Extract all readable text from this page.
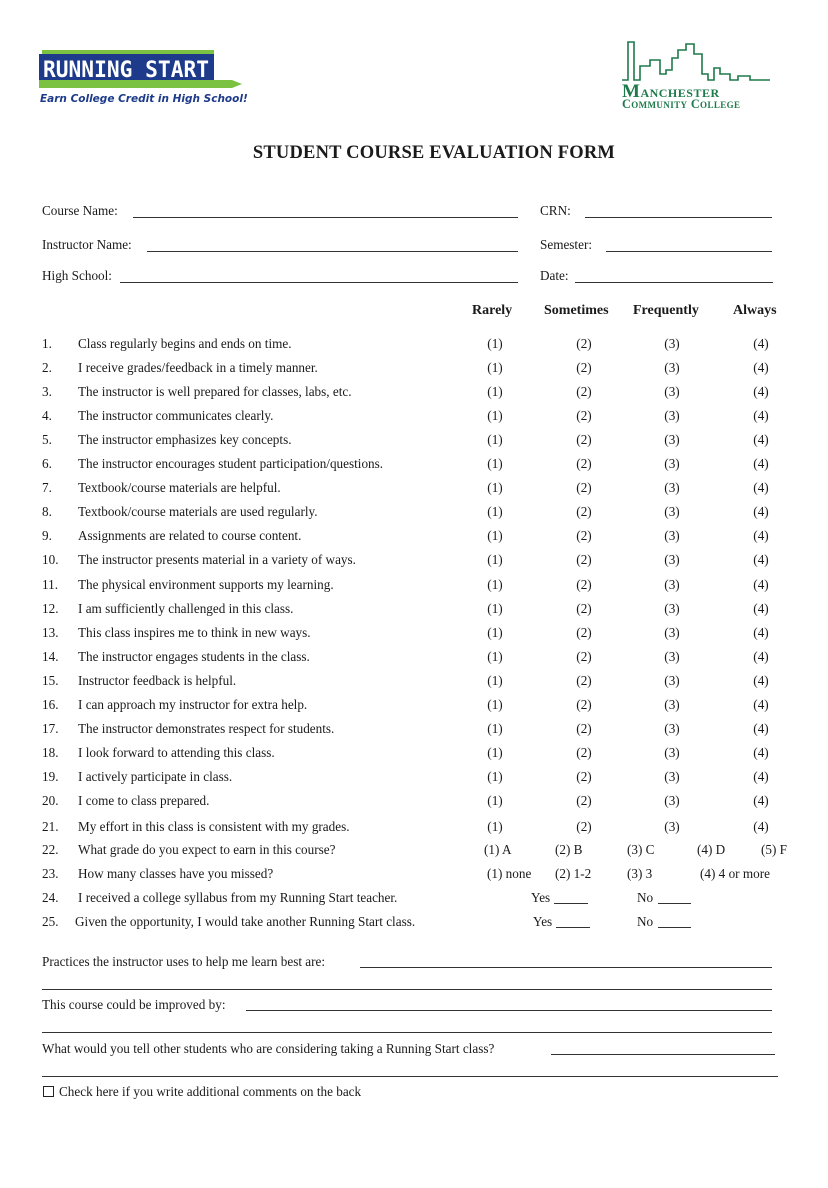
RUNNING START
Earn College Credit in High School!	Manchester
Community College
STUDENT COURSE EVALUATION FORM
Course Name:	CRN:
Instructor Name:	Semester:
High School:	Date:
Rarely Sometimes Frequently Always
1. Class regularly begins and ends on time.	(1)	(2)	(3)	(4)
2. I receive grades/feedback in a timely manner.	(1)	(2)	(3)	(4)
3. The instructor is well prepared for classes, labs, etc.	(1)	(2)	(3)	(4)
4. The instructor communicates clearly.	(1)	(2)	(3)	(4)
5. The instructor emphasizes key concepts.	(1)	(2)	(3)	(4)
6. The instructor encourages student participation/questions.	(1)	(2)	(3)	(4)
7. Textbook/course materials are helpful.	(1)	(2)	(3)	(4)
8. Textbook/course materials are used regularly.	(1)	(2)	(3)	(4)
9. Assignments are related to course content.	(1)	(2)	(3)	(4)
10. The instructor presents material in a variety of ways.	(1)	(2)	(3)	(4)
11. The physical environment supports my learning.	(1)	(2)	(3)	(4)
12. I am sufficiently challenged in this class.	(1)	(2)	(3)	(4)
13. This class inspires me to think in new ways.	(1)	(2)	(3)	(4)
14. The instructor engages students in the class.	(1)	(2)	(3)	(4)
15. Instructor feedback is helpful.	(1)	(2)	(3)	(4)
16. I can approach my instructor for extra help.	(1)	(2)	(3)	(4)
17. The instructor demonstrates respect for students.	(1)	(2)	(3)	(4)
18. I look forward to attending this class.	(1)	(2)	(3)	(4)
19. I actively participate in class.	(1)	(2)	(3)	(4)
20. I come to class prepared.	(1)	(2)	(3)	(4)
21. My effort in this class is consistent with my grades.	(1)	(2)	(3)	(4)
22. What grade do you expect to earn in this course?	(1) A	(2) B	(3) C	(4) D	(5) F
23. How many classes have you missed?	(1) none (2) 1-2	(3) 3	(4) 4 or more
24. I received a college syllabus from my Running Start teacher.	Yes	No
25. Given the opportunity, I would take another Running Start class.	Yes	No
Practices the instructor uses to help me learn best are:
This course could be improved by:
What would you tell other students who are considering taking a Running Start class?
Check here if you write additional comments on the back
